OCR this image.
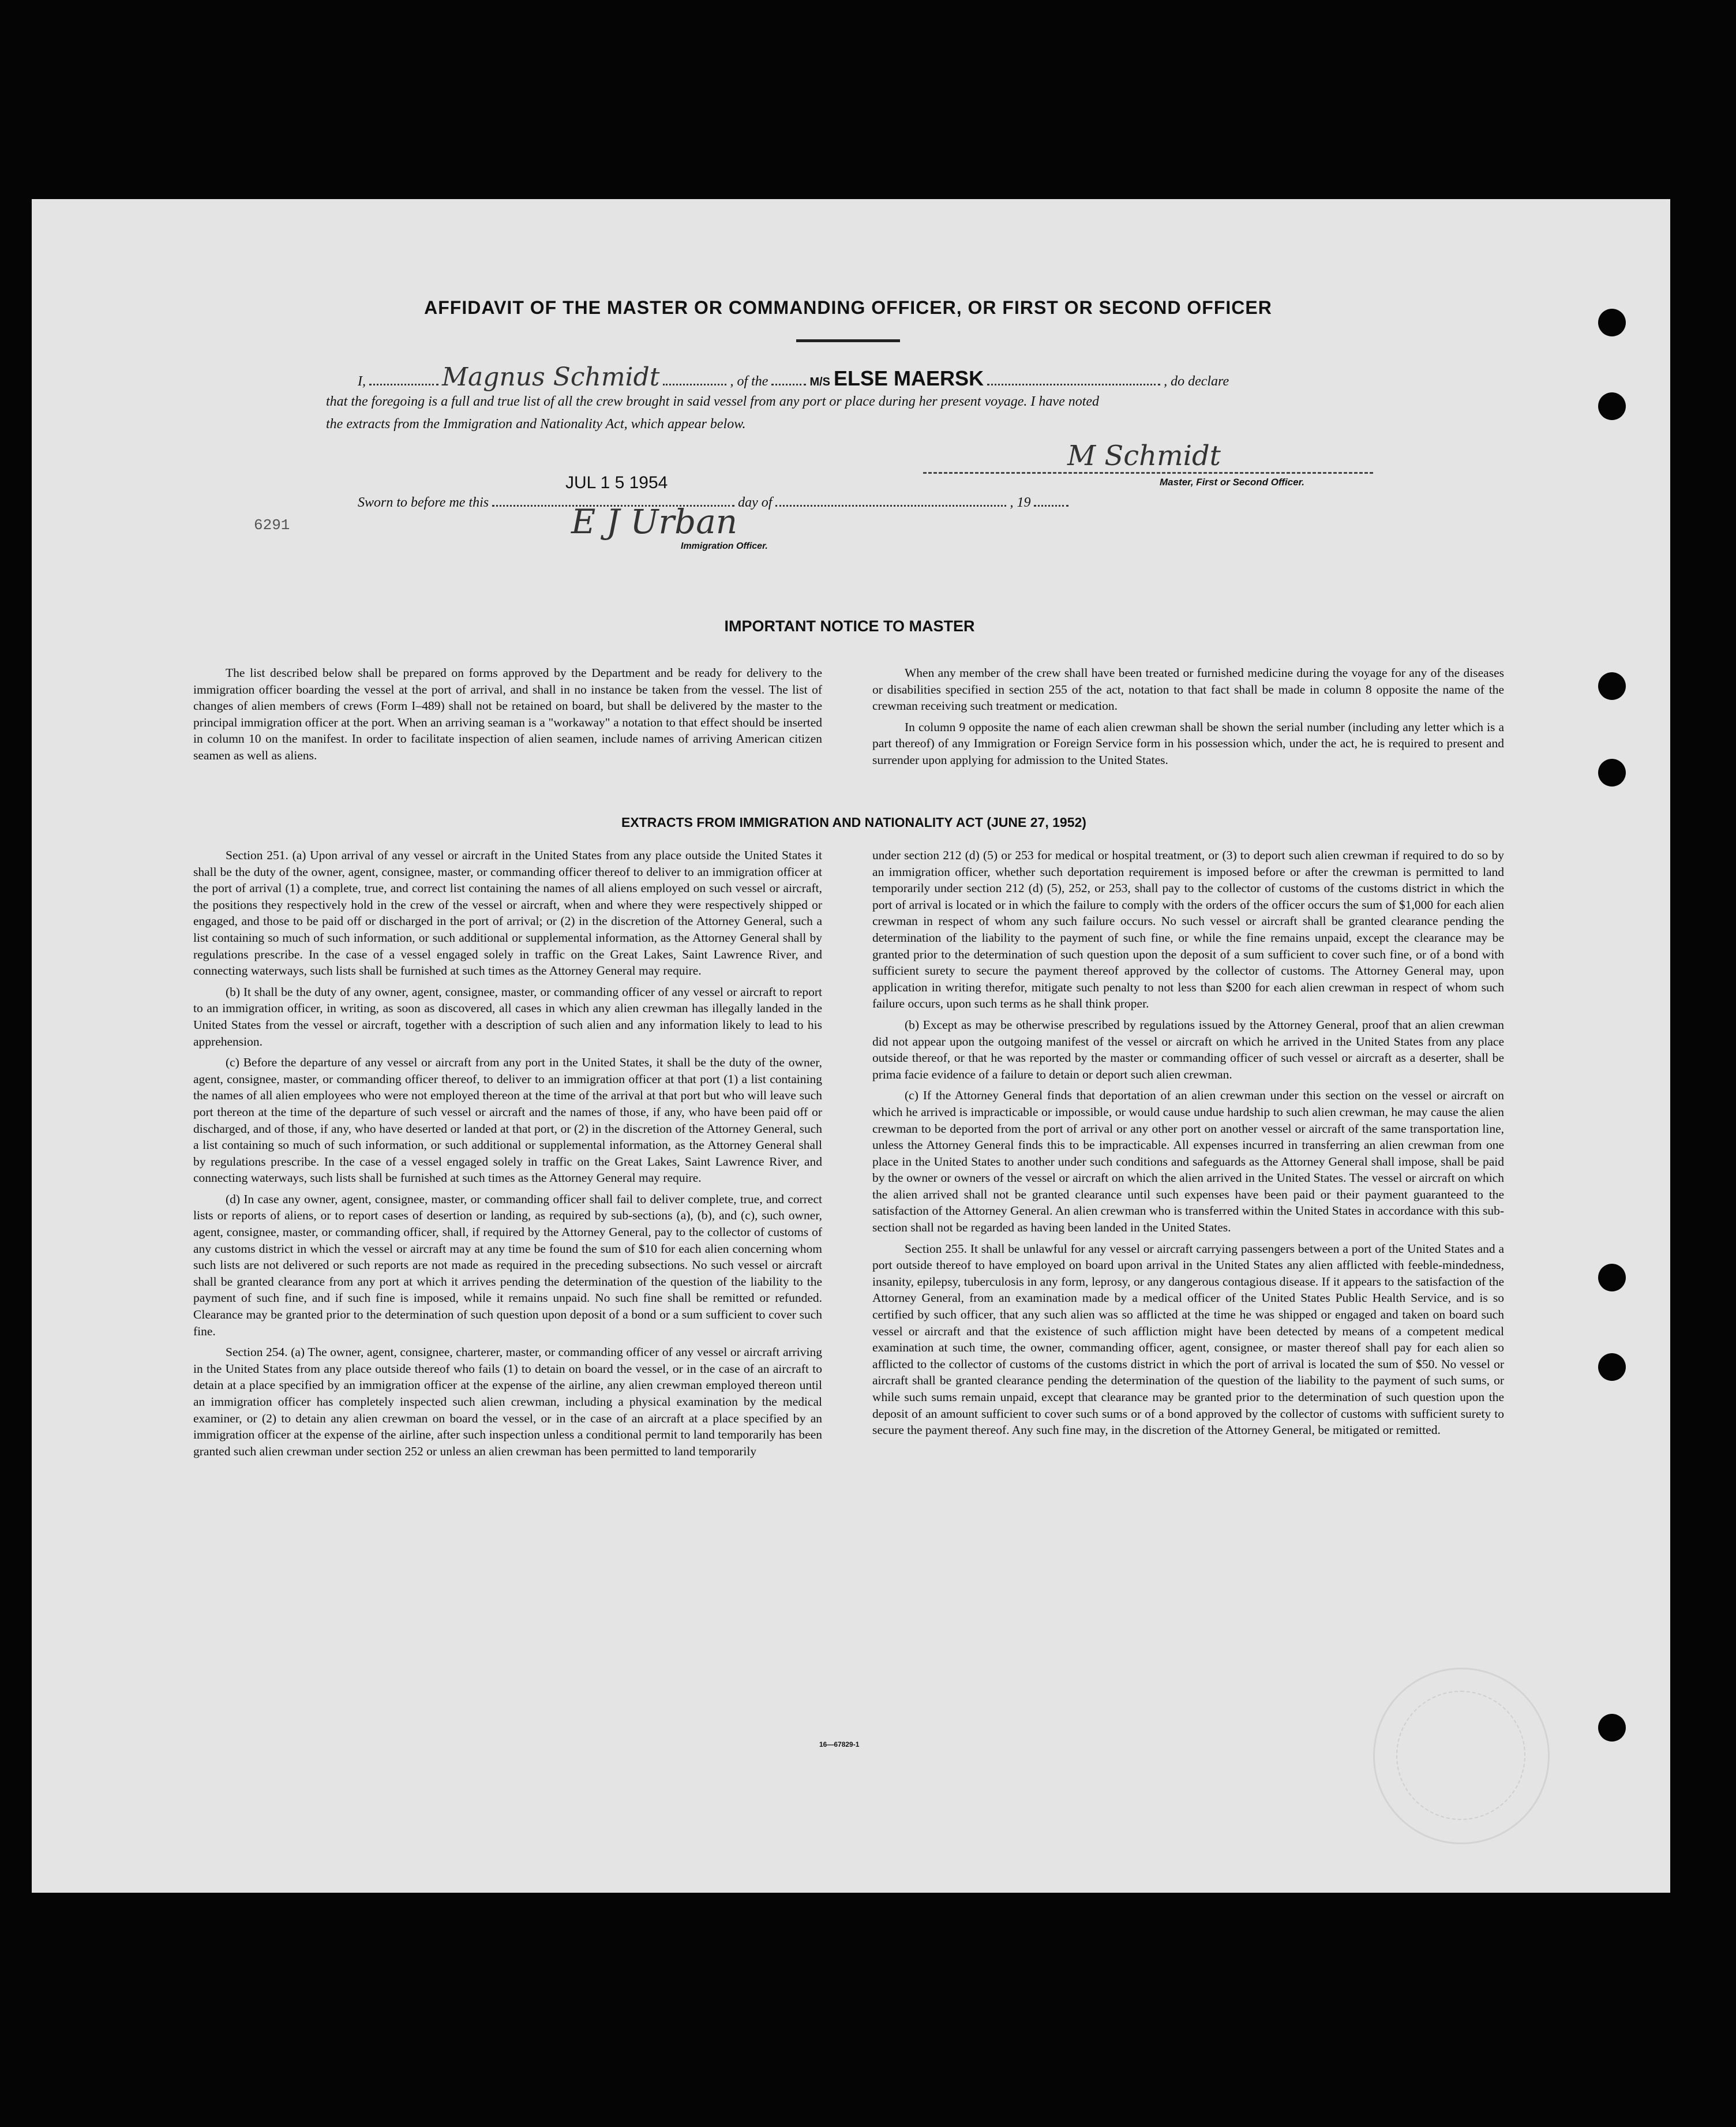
AFFIDAVIT OF THE MASTER OR COMMANDING OFFICER, OR FIRST OR SECOND OFFICER
I,	Magnus Schmidt	, of the	M/S ELSE MAERSK	, do declare
that the foregoing is a full and true list of all the crew brought in said vessel from any port or place during her present voyage. I have noted
the extracts from the Immigration and Nationality Act, which appear below.
M Schmidt
Master, First or Second Officer.
Sworn to before me this	day of	, 19
JUL 1 5 1954
E J Urban
Immigration Officer.
6291
IMPORTANT NOTICE TO MASTER

The list described below shall be prepared on forms approved by the Department and be ready for delivery to the immigration officer boarding the vessel at the port of arrival, and shall in no instance be taken from the vessel. The list of changes of alien members of crews (Form I–489) shall not be retained on board, but shall be delivered by the master to the principal immigration officer at the port. When an arriving seaman is a "workaway" a notation to that effect should be inserted in column 10 on the manifest. In order to facilitate inspection of alien seamen, include names of arriving American citizen seamen as well as aliens.

When any member of the crew shall have been treated or furnished medicine during the voyage for any of the diseases or disabilities specified in section 255 of the act, notation to that fact shall be made in column 8 opposite the name of the crewman receiving such treatment or medication.

In column 9 opposite the name of each alien crewman shall be shown the serial number (including any letter which is a part thereof) of any Immigration or Foreign Service form in his possession which, under the act, he is required to present and surrender upon applying for admission to the United States.

EXTRACTS FROM IMMIGRATION AND NATIONALITY ACT (JUNE 27, 1952)

Section 251. (a) Upon arrival of any vessel or aircraft in the United States from any place outside the United States it shall be the duty of the owner, agent, consignee, master, or commanding officer thereof to deliver to an immigration officer at the port of arrival (1) a complete, true, and correct list containing the names of all aliens employed on such vessel or aircraft, the positions they respectively hold in the crew of the vessel or aircraft, when and where they were respectively shipped or engaged, and those to be paid off or discharged in the port of arrival; or (2) in the discretion of the Attorney General, such a list containing so much of such information, or such additional or supplemental information, as the Attorney General shall by regulations prescribe. In the case of a vessel engaged solely in traffic on the Great Lakes, Saint Lawrence River, and connecting waterways, such lists shall be furnished at such times as the Attorney General may require.

(b) It shall be the duty of any owner, agent, consignee, master, or commanding officer of any vessel or aircraft to report to an immigration officer, in writing, as soon as discovered, all cases in which any alien crewman has illegally landed in the United States from the vessel or aircraft, together with a description of such alien and any information likely to lead to his apprehension.

(c) Before the departure of any vessel or aircraft from any port in the United States, it shall be the duty of the owner, agent, consignee, master, or commanding officer thereof, to deliver to an immigration officer at that port (1) a list containing the names of all alien employees who were not employed thereon at the time of the arrival at that port but who will leave such port thereon at the time of the departure of such vessel or aircraft and the names of those, if any, who have been paid off or discharged, and of those, if any, who have deserted or landed at that port, or (2) in the discretion of the Attorney General, such a list containing so much of such information, or such additional or supplemental information, as the Attorney General shall by regulations prescribe. In the case of a vessel engaged solely in traffic on the Great Lakes, Saint Lawrence River, and connecting waterways, such lists shall be furnished at such times as the Attorney General may require.

(d) In case any owner, agent, consignee, master, or commanding officer shall fail to deliver complete, true, and correct lists or reports of aliens, or to report cases of desertion or landing, as required by sub-sections (a), (b), and (c), such owner, agent, consignee, master, or commanding officer, shall, if required by the Attorney General, pay to the collector of customs of any customs district in which the vessel or aircraft may at any time be found the sum of $10 for each alien concerning whom such lists are not delivered or such reports are not made as required in the preceding subsections. No such vessel or aircraft shall be granted clearance from any port at which it arrives pending the determination of the question of the liability to the payment of such fine, and if such fine is imposed, while it remains unpaid. No such fine shall be remitted or refunded. Clearance may be granted prior to the determination of such question upon deposit of a bond or a sum sufficient to cover such fine.

Section 254. (a) The owner, agent, consignee, charterer, master, or commanding officer of any vessel or aircraft arriving in the United States from any place outside thereof who fails (1) to detain on board the vessel, or in the case of an aircraft to detain at a place specified by an immigration officer at the expense of the airline, any alien crewman employed thereon until an immigration officer has completely inspected such alien crewman, including a physical examination by the medical examiner, or (2) to detain any alien crewman on board the vessel, or in the case of an aircraft at a place specified by an immigration officer at the expense of the airline, after such inspection unless a conditional permit to land temporarily has been granted such alien crewman under section 252 or unless an alien crewman has been permitted to land temporarily

under section 212 (d) (5) or 253 for medical or hospital treatment, or (3) to deport such alien crewman if required to do so by an immigration officer, whether such deportation requirement is imposed before or after the crewman is permitted to land temporarily under section 212 (d) (5), 252, or 253, shall pay to the collector of customs of the customs district in which the port of arrival is located or in which the failure to comply with the orders of the officer occurs the sum of $1,000 for each alien crewman in respect of whom any such failure occurs. No such vessel or aircraft shall be granted clearance pending the determination of the liability to the payment of such fine, or while the fine remains unpaid, except the clearance may be granted prior to the determination of such question upon the deposit of a sum sufficient to cover such fine, or of a bond with sufficient surety to secure the payment thereof approved by the collector of customs. The Attorney General may, upon application in writing therefor, mitigate such penalty to not less than $200 for each alien crewman in respect of whom such failure occurs, upon such terms as he shall think proper.

(b) Except as may be otherwise prescribed by regulations issued by the Attorney General, proof that an alien crewman did not appear upon the outgoing manifest of the vessel or aircraft on which he arrived in the United States from any place outside thereof, or that he was reported by the master or commanding officer of such vessel or aircraft as a deserter, shall be prima facie evidence of a failure to detain or deport such alien crewman.

(c) If the Attorney General finds that deportation of an alien crewman under this section on the vessel or aircraft on which he arrived is impracticable or impossible, or would cause undue hardship to such alien crewman, he may cause the alien crewman to be deported from the port of arrival or any other port on another vessel or aircraft of the same transportation line, unless the Attorney General finds this to be impracticable. All expenses incurred in transferring an alien crewman from one place in the United States to another under such conditions and safeguards as the Attorney General shall impose, shall be paid by the owner or owners of the vessel or aircraft on which the alien arrived in the United States. The vessel or aircraft on which the alien arrived shall not be granted clearance until such expenses have been paid or their payment guaranteed to the satisfaction of the Attorney General. An alien crewman who is transferred within the United States in accordance with this sub-section shall not be regarded as having been landed in the United States.

Section 255. It shall be unlawful for any vessel or aircraft carrying passengers between a port of the United States and a port outside thereof to have employed on board upon arrival in the United States any alien afflicted with feeble-mindedness, insanity, epilepsy, tuberculosis in any form, leprosy, or any dangerous contagious disease. If it appears to the satisfaction of the Attorney General, from an examination made by a medical officer of the United States Public Health Service, and is so certified by such officer, that any such alien was so afflicted at the time he was shipped or engaged and taken on board such vessel or aircraft and that the existence of such affliction might have been detected by means of a competent medical examination at such time, the owner, commanding officer, agent, consignee, or master thereof shall pay for each alien so afflicted to the collector of customs of the customs district in which the port of arrival is located the sum of $50. No vessel or aircraft shall be granted clearance pending the determination of the question of the liability to the payment of such sums, or while such sums remain unpaid, except that clearance may be granted prior to the determination of such question upon the deposit of an amount sufficient to cover such sums or of a bond approved by the collector of customs with sufficient surety to secure the payment thereof. Any such fine may, in the discretion of the Attorney General, be mitigated or remitted.

16—67829-1
